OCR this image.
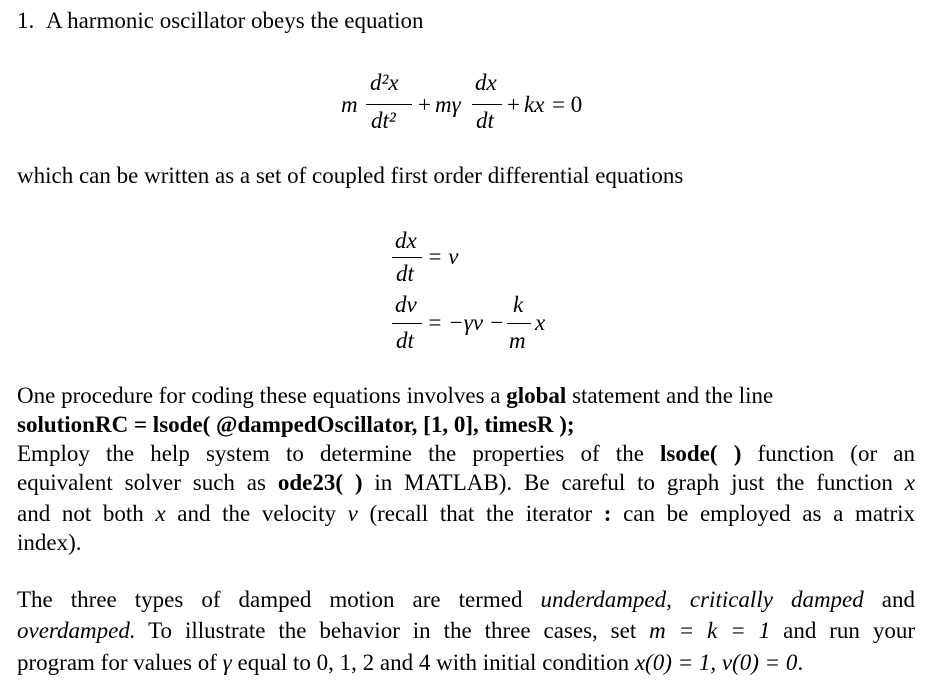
1. A harmonic oscillator obeys the equation
m
d²x
dt²
+ mγ
dx
dt
+ kx = 0
which can be written as a set of coupled first order differential equations
dx
dt
= v
dv
dt
= −γv −
k
m
x
One procedure for coding these equations involves a global statement and the line
solutionRC = lsode( @dampedOscillator, [1, 0], timesR );
Employ the help system to determine the properties of the lsode( ) function (or an
equivalent solver such as ode23( ) in MATLAB). Be careful to graph just the function x
and not both x and the velocity v (recall that the iterator : can be employed as a matrix
index).
The three types of damped motion are termed underdamped, critically damped and
overdamped. To illustrate the behavior in the three cases, set m = k = 1 and run your
program for values of γ equal to 0, 1, 2 and 4 with initial condition x(0) = 1, v(0) = 0.
